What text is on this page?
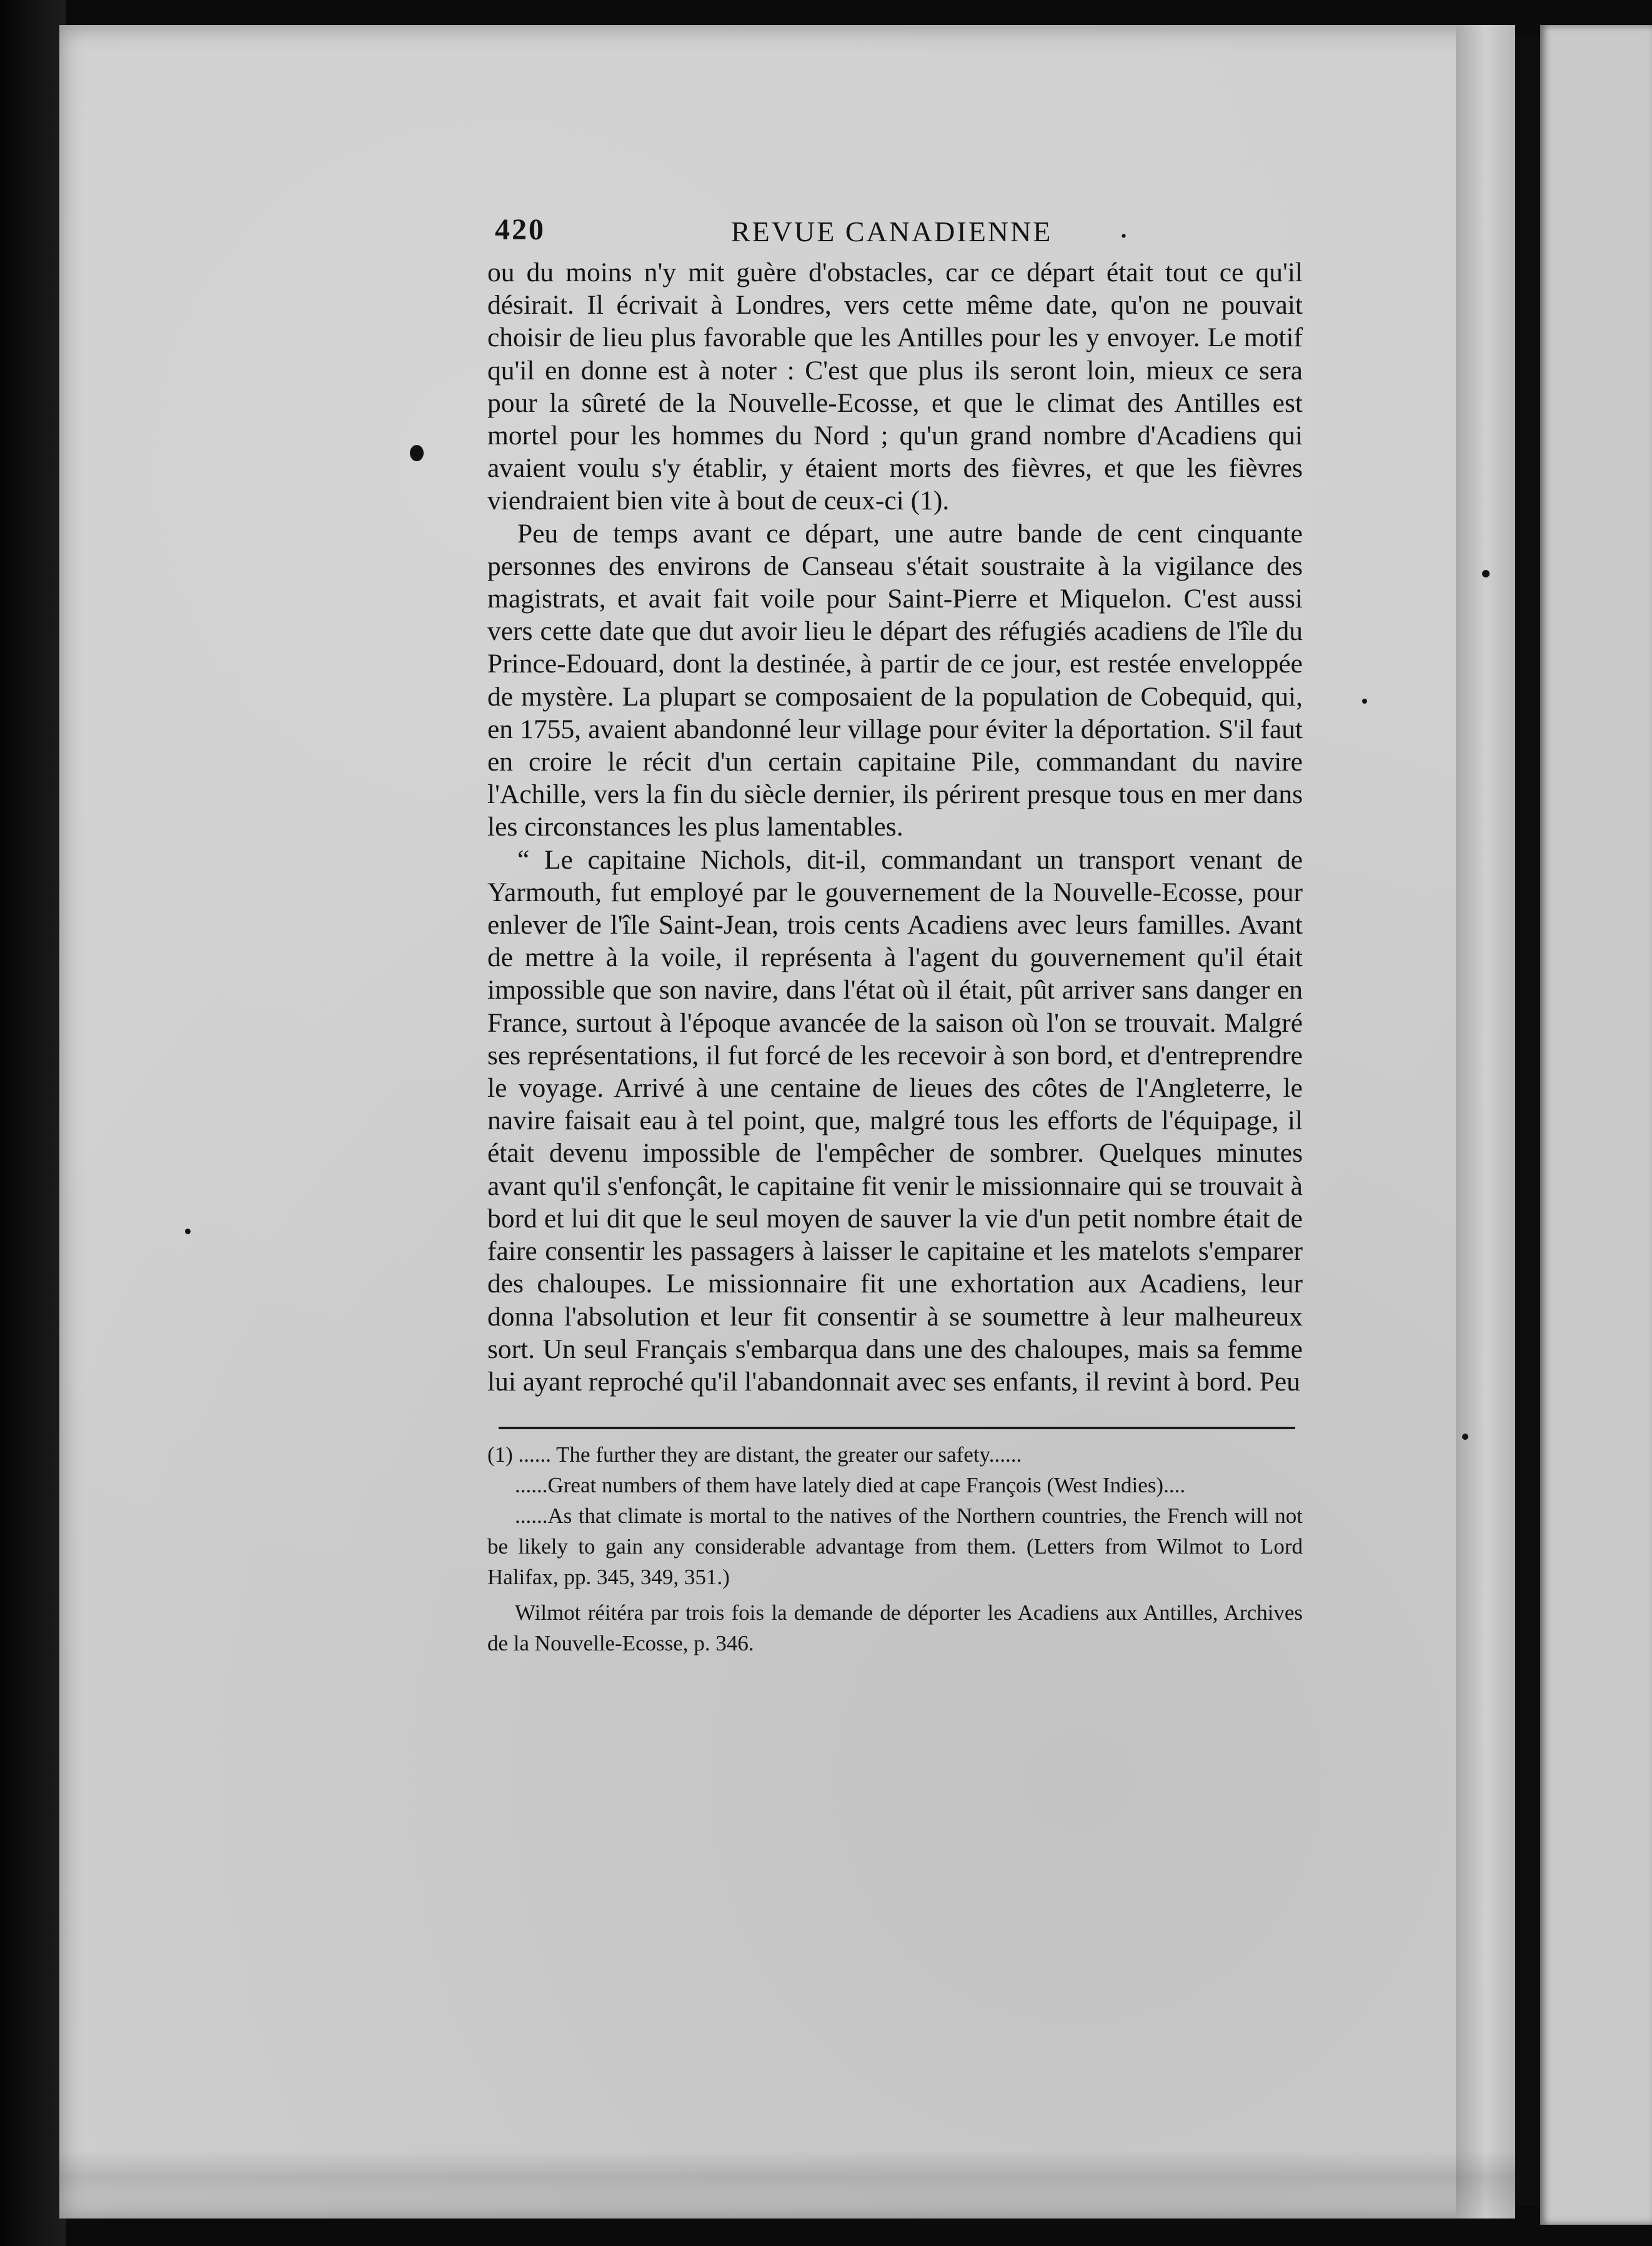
420	REVUE CANADIENNE .

ou du moins n'y mit guère d'obstacles, car ce départ était tout ce qu'il désirait. Il écrivait à Londres, vers cette même date, qu'on ne pouvait choisir de lieu plus favorable que les Antilles pour les y envoyer. Le motif qu'il en donne est à noter : C'est que plus ils seront loin, mieux ce sera pour la sûreté de la Nouvelle-Ecosse, et que le climat des Antilles est mortel pour les hommes du Nord ; qu'un grand nombre d'Acadiens qui avaient voulu s'y établir, y étaient morts des fièvres, et que les fièvres viendraient bien vite à bout de ceux-ci (1).

Peu de temps avant ce départ, une autre bande de cent cinquante personnes des environs de Canseau s'était soustraite à la vigilance des magistrats, et avait fait voile pour Saint-Pierre et Miquelon. C'est aussi vers cette date que dut avoir lieu le départ des réfugiés acadiens de l'île du Prince-Edouard, dont la destinée, à partir de ce jour, est restée enveloppée de mystère. La plupart se composaient de la population de Cobequid, qui, en 1755, avaient abandonné leur village pour éviter la déportation. S'il faut en croire le récit d'un certain capitaine Pile, commandant du navire l'Achille, vers la fin du siècle dernier, ils périrent presque tous en mer dans les circonstances les plus lamentables.

“ Le capitaine Nichols, dit-il, commandant un transport venant de Yarmouth, fut employé par le gouvernement de la Nouvelle-Ecosse, pour enlever de l'île Saint-Jean, trois cents Acadiens avec leurs familles. Avant de mettre à la voile, il représenta à l'agent du gouvernement qu'il était impossible que son navire, dans l'état où il était, pût arriver sans danger en France, surtout à l'époque avancée de la saison où l'on se trouvait. Malgré ses représentations, il fut forcé de les recevoir à son bord, et d'entreprendre le voyage. Arrivé à une centaine de lieues des côtes de l'Angleterre, le navire faisait eau à tel point, que, malgré tous les efforts de l'équipage, il était devenu impossible de l'empêcher de sombrer. Quelques minutes avant qu'il s'enfonçât, le capitaine fit venir le missionnaire qui se trouvait à bord et lui dit que le seul moyen de sauver la vie d'un petit nombre était de faire consentir les passagers à laisser le capitaine et les matelots s'emparer des chaloupes. Le missionnaire fit une exhortation aux Acadiens, leur donna l'absolution et leur fit consentir à se soumettre à leur malheureux sort. Un seul Français s'embarqua dans une des chaloupes, mais sa femme lui ayant reproché qu'il l'abandonnait avec ses enfants, il revint à bord. Peu

(1) ...... The further they are distant, the greater our safety......

......Great numbers of them have lately died at cape François (West Indies)....

......As that climate is mortal to the natives of the Northern countries, the French will not be likely to gain any considerable advantage from them. (Letters from Wilmot to Lord Halifax, pp. 345, 349, 351.)

Wilmot réitéra par trois fois la demande de déporter les Acadiens aux Antilles, Archives de la Nouvelle-Ecosse, p. 346.
